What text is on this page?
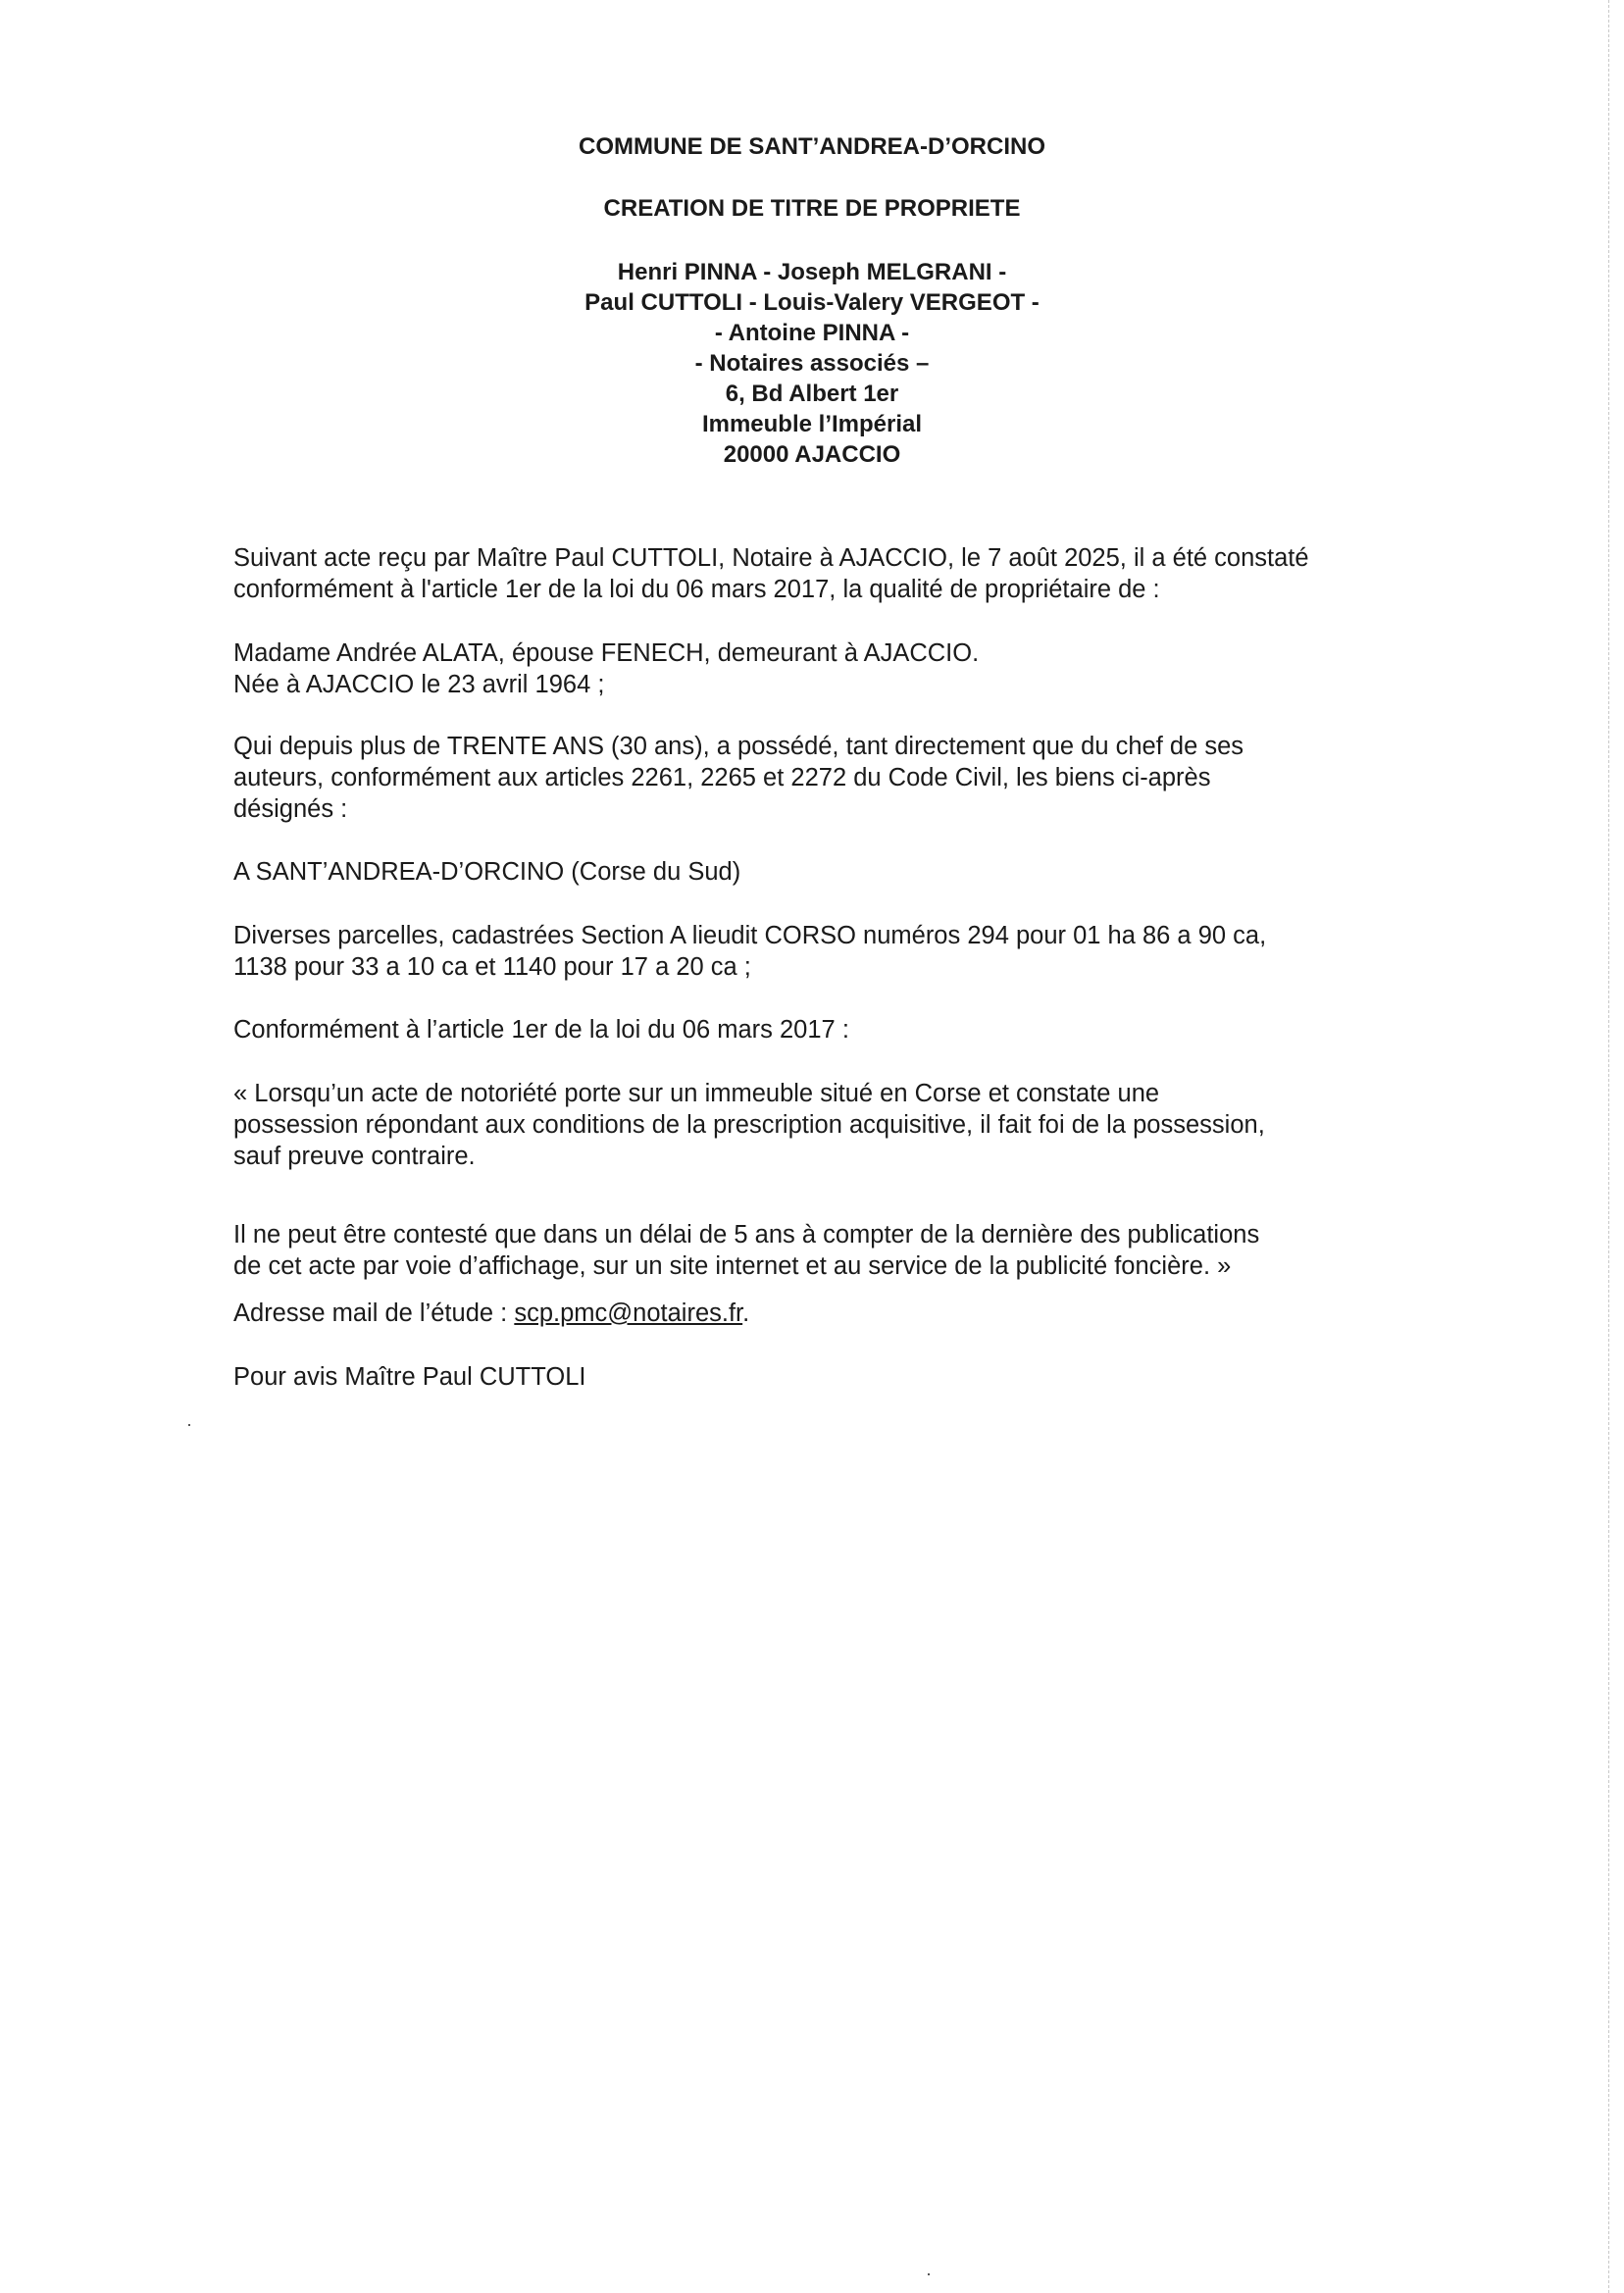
COMMUNE DE SANT’ANDREA-D’ORCINO
CREATION DE TITRE DE PROPRIETE
Henri PINNA - Joseph MELGRANI -
Paul CUTTOLI - Louis-Valery VERGEOT -
- Antoine PINNA -
- Notaires associés –
6, Bd Albert 1er
Immeuble l’Impérial
20000 AJACCIO

Suivant acte reçu par Maître Paul CUTTOLI, Notaire à AJACCIO, le 7 août 2025, il a été constaté

conformément à l'article 1er de la loi du 06 mars 2017, la qualité de propriétaire de :

Madame Andrée ALATA, épouse FENECH, demeurant à AJACCIO.

Née à AJACCIO le 23 avril 1964 ;

Qui depuis plus de TRENTE ANS (30 ans), a possédé, tant directement que du chef de ses

auteurs, conformément aux articles 2261, 2265 et 2272 du Code Civil, les biens ci-après

désignés :

A SANT’ANDREA-D’ORCINO (Corse du Sud)

Diverses parcelles, cadastrées Section A lieudit CORSO numéros 294 pour 01 ha 86 a 90 ca,

1138 pour 33 a 10 ca et 1140 pour 17 a 20 ca ;

Conformément à l’article 1er de la loi du 06 mars 2017 :

« Lorsqu’un acte de notoriété porte sur un immeuble situé en Corse et constate une

possession répondant aux conditions de la prescription acquisitive, il fait foi de la possession,

sauf preuve contraire.

Il ne peut être contesté que dans un délai de 5 ans à compter de la dernière des publications

de cet acte par voie d’affichage, sur un site internet et au service de la publicité foncière. »

Adresse mail de l’étude : scp.pmc@notaires.fr.

Pour avis Maître Paul CUTTOLI
